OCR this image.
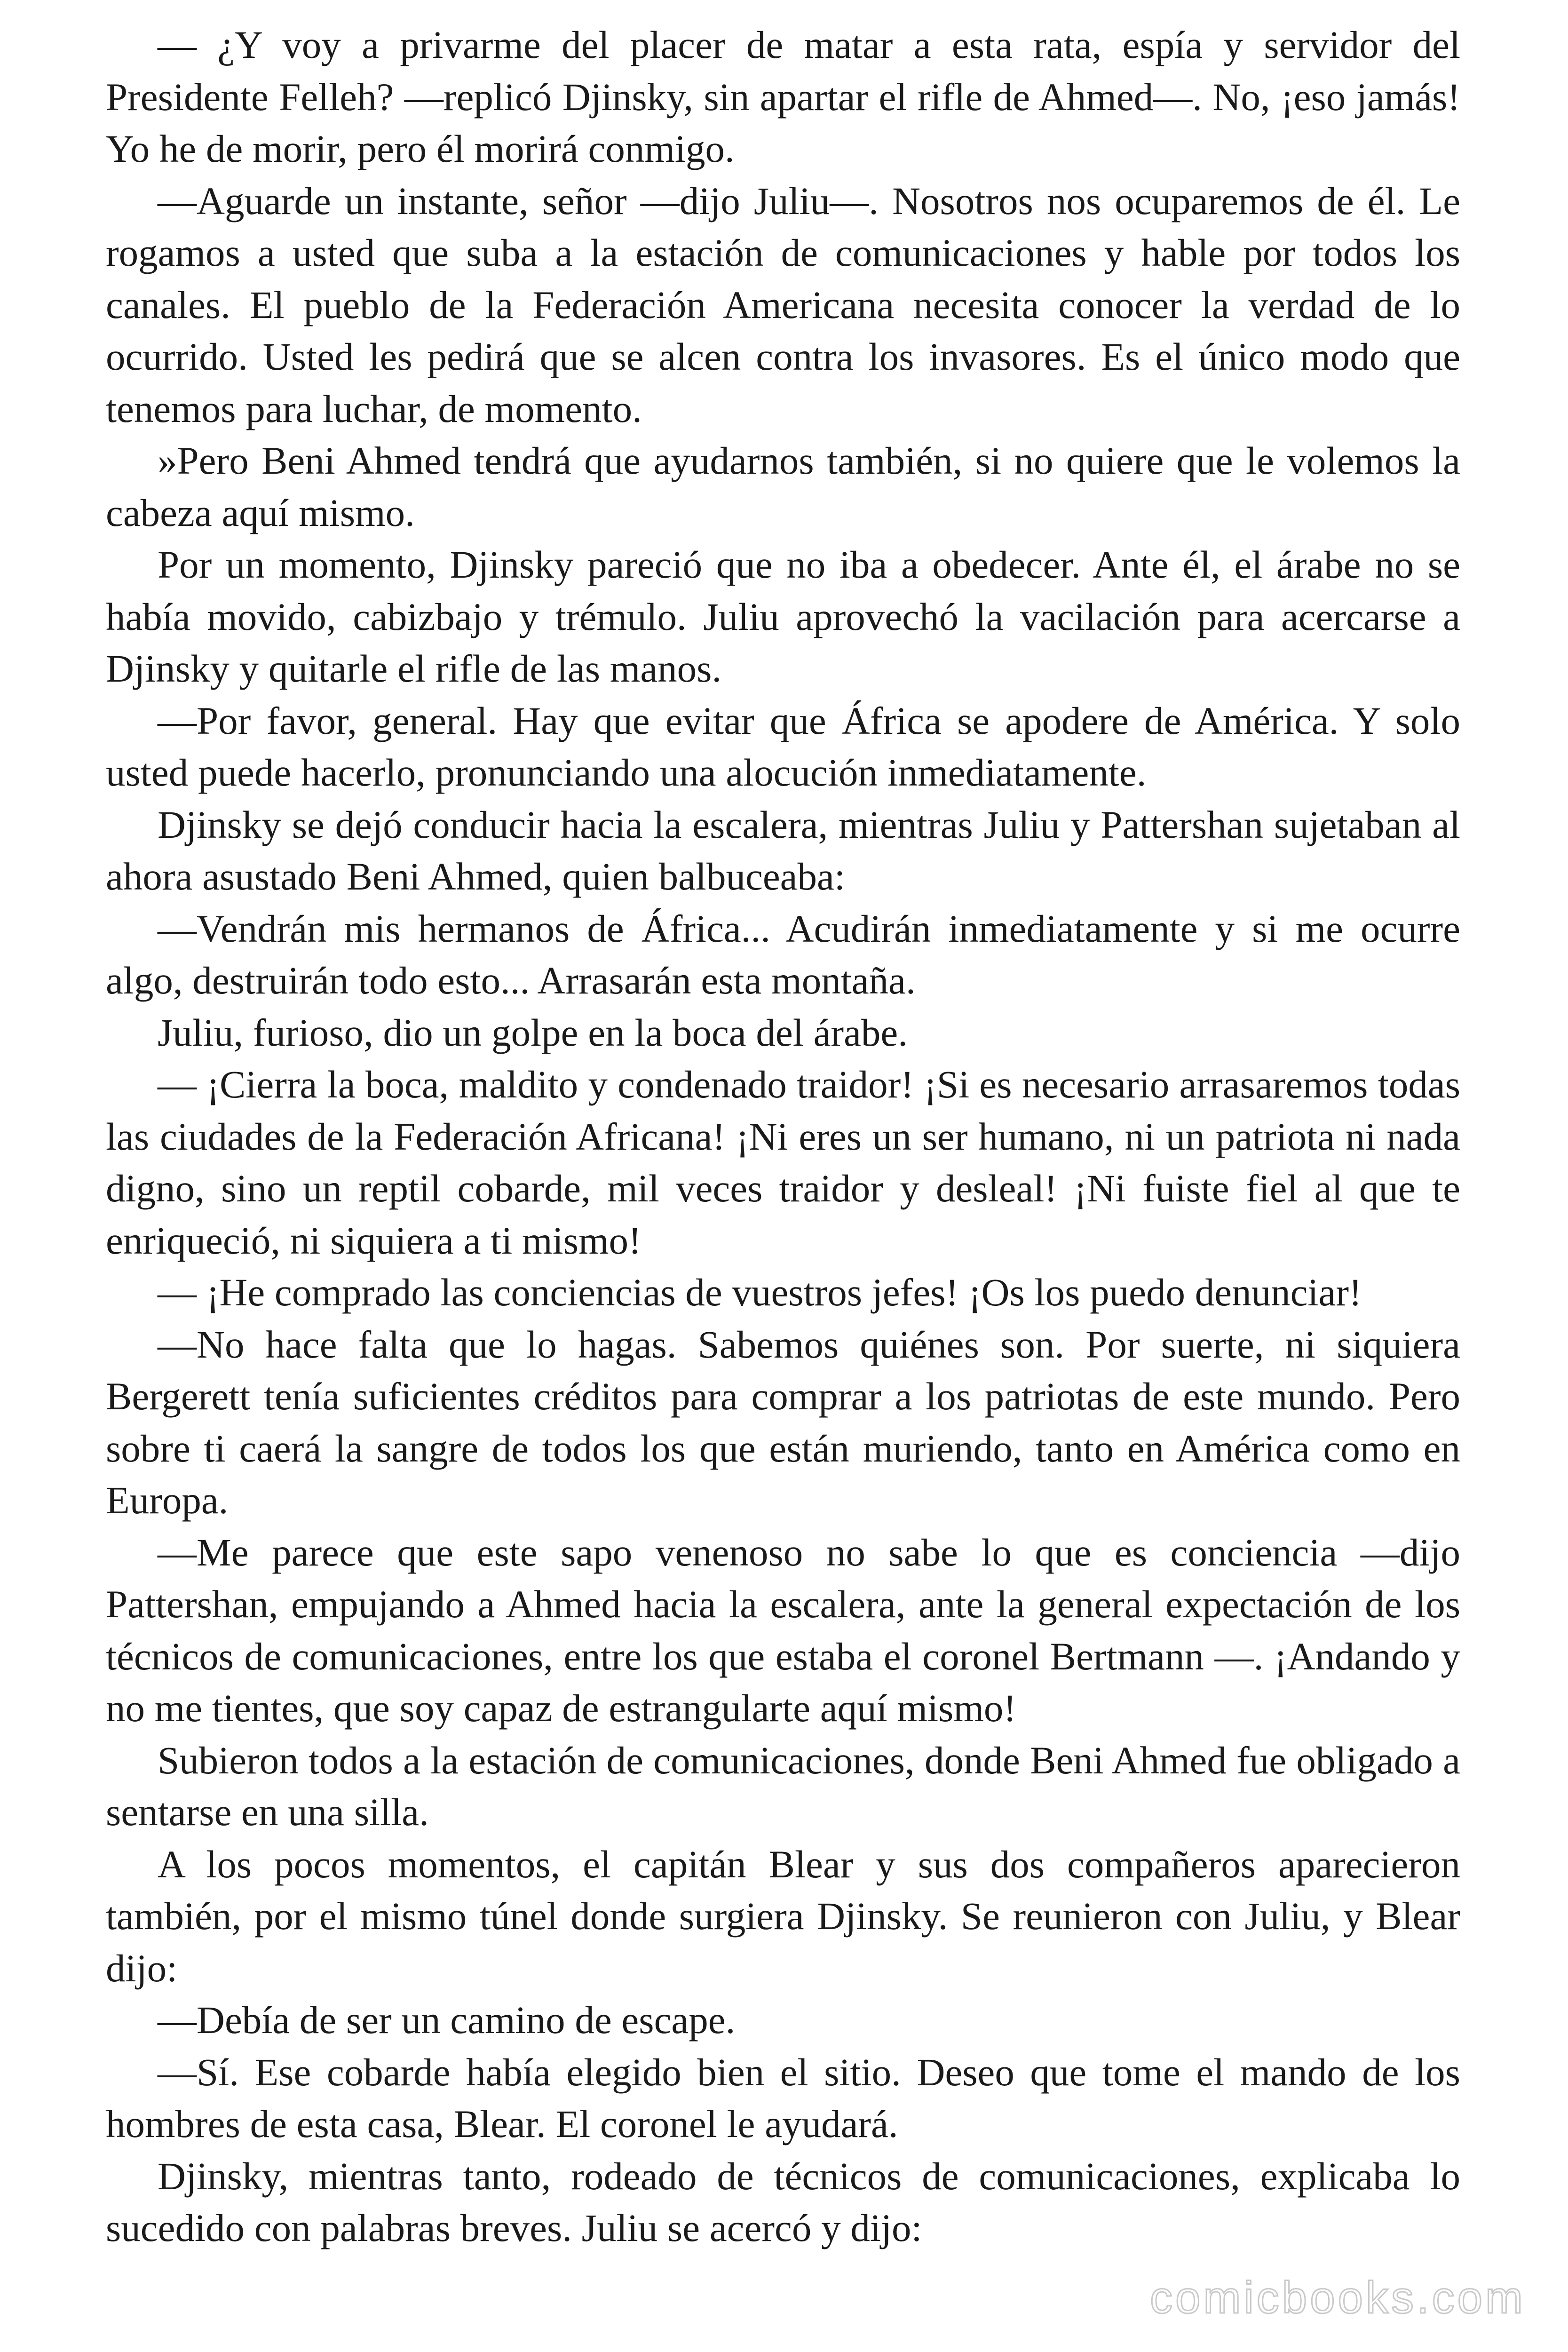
— ¿Y voy a privarme del placer de matar a esta rata, espía y servidor del Presidente Felleh? —replicó Djinsky, sin apartar el rifle de Ahmed—. No, ¡eso jamás! Yo he de morir, pero él morirá conmigo.

—Aguarde un instante, señor —dijo Juliu—. Nosotros nos ocuparemos de él. Le rogamos a usted que suba a la estación de comunicaciones y hable por todos los canales. El pueblo de la Federación Americana necesita conocer la verdad de lo ocurrido. Usted les pedirá que se alcen contra los invasores. Es el único modo que tenemos para luchar, de momento.

»Pero Beni Ahmed tendrá que ayudarnos también, si no quiere que le volemos la cabeza aquí mismo.

Por un momento, Djinsky pareció que no iba a obedecer. Ante él, el árabe no se había movido, cabizbajo y trémulo. Juliu aprovechó la vacilación para acercarse a Djinsky y quitarle el rifle de las manos.

—Por favor, general. Hay que evitar que África se apodere de América. Y solo usted puede hacerlo, pronunciando una alocución inmediatamente.

Djinsky se dejó conducir hacia la escalera, mientras Juliu y Pattershan sujetaban al ahora asustado Beni Ahmed, quien balbuceaba:

—Vendrán mis hermanos de África... Acudirán inmediatamente y si me ocurre algo, destruirán todo esto... Arrasarán esta montaña.

Juliu, furioso, dio un golpe en la boca del árabe.

— ¡Cierra la boca, maldito y condenado traidor! ¡Si es necesario arrasaremos todas las ciudades de la Federación Africana! ¡Ni eres un ser humano, ni un patriota ni nada digno, sino un reptil cobarde, mil veces traidor y desleal! ¡Ni fuiste fiel al que te enriqueció, ni siquiera a ti mismo!

— ¡He comprado las conciencias de vuestros jefes! ¡Os los puedo denunciar!

—No hace falta que lo hagas. Sabemos quiénes son. Por suerte, ni siquiera Bergerett tenía suficientes créditos para comprar a los patriotas de este mundo. Pero sobre ti caerá la sangre de todos los que están muriendo, tanto en América como en Europa.

—Me parece que este sapo venenoso no sabe lo que es conciencia —dijo Pattershan, empujando a Ahmed hacia la escalera, ante la general expectación de los técnicos de comunicaciones, entre los que estaba el coronel Bertmann —. ¡Andando y no me tientes, que soy capaz de estrangularte aquí mismo!

Subieron todos a la estación de comunicaciones, donde Beni Ahmed fue obligado a sentarse en una silla.

A los pocos momentos, el capitán Blear y sus dos compañeros aparecieron también, por el mismo túnel donde surgiera Djinsky. Se reunieron con Juliu, y Blear dijo:

—Debía de ser un camino de escape.

—Sí. Ese cobarde había elegido bien el sitio. Deseo que tome el mando de los hombres de esta casa, Blear. El coronel le ayudará.

Djinsky, mientras tanto, rodeado de técnicos de comunicaciones, explicaba lo sucedido con palabras breves. Juliu se acercó y dijo:

comicbooks.com
